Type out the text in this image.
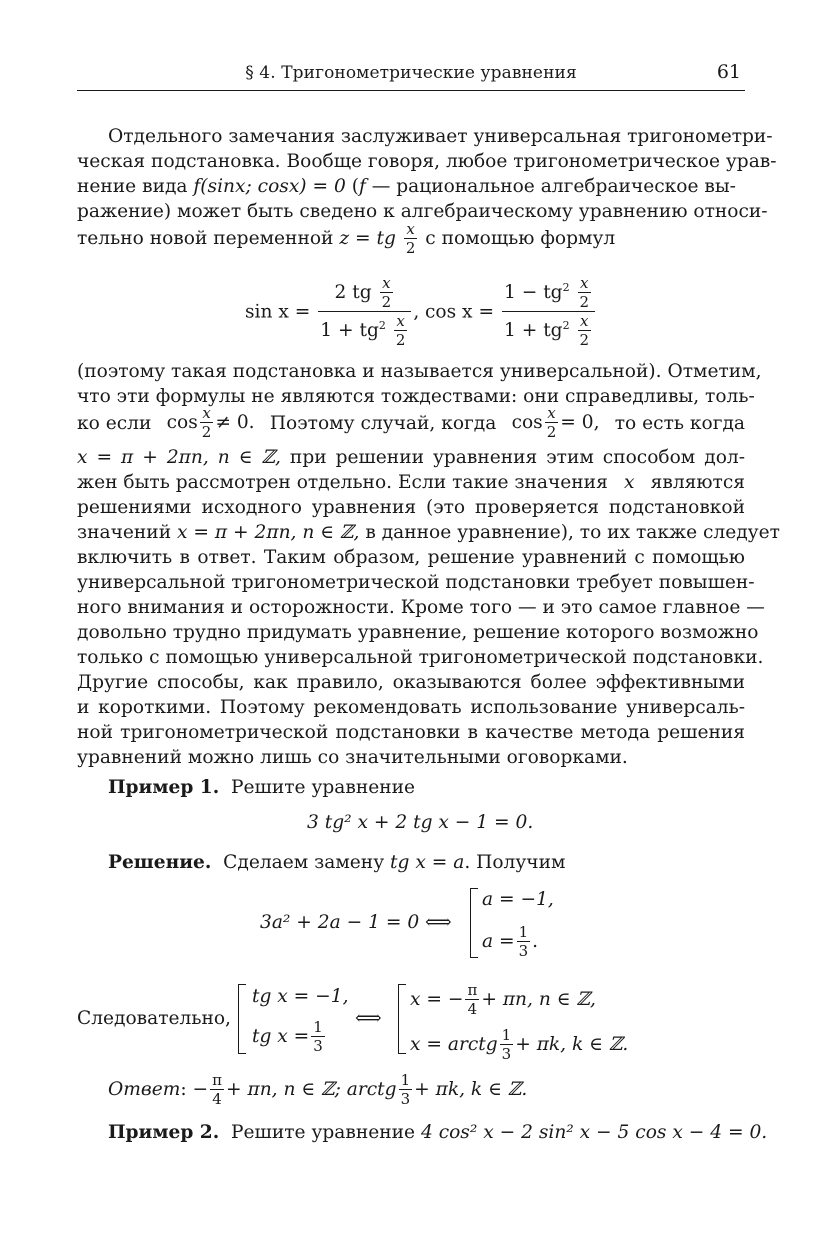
§ 4. Тригонометрические уравнения	61
Отдельного замечания заслуживает универсальная тригонометри-
ческая подстановка. Вообще говоря, любое тригонометрическое урав-
нение вида f(sinx; cosx) = 0 (f — рациональное алгебраическое вы-
ражение) может быть сведено к алгебраическому уравнению относи-
тельно новой переменной z = tg $\frac{x}{2}$ с помощью формул
$\sin x = \frac{2 tg \frac{x}{2}}{1 + tg^2 \frac{x}{2}}$ , $\cos x = \frac{1 - tg^2 \frac{x}{2}}{1 + tg^2 \frac{x}{2}}$
(поэтому такая подстановка и называется универсальной). Отметим,
что эти формулы не являются тождествами: они справедливы, толь-
ко если $\cos \frac{x}{2} \ne 0$. Поэтому случай, когда $\cos \frac{x}{2} = 0$, то есть когда
x = π + 2πn, n ∈ ℤ, при решении уравнения этим способом дол-
жен быть рассмотрен отдельно. Если такие значения x являются
решениями исходного уравнения (это проверяется подстановкой
значений x = π + 2πn, n ∈ ℤ, в данное уравнение), то их также следует
включить в ответ. Таким образом, решение уравнений с помощью
универсальной тригонометрической подстановки требует повышен-
ного внимания и осторожности. Кроме того — и это самое главное —
довольно трудно придумать уравнение, решение которого возможно
только с помощью универсальной тригонометрической подстановки.
Другие способы, как правило, оказываются более эффективными
и короткими. Поэтому рекомендовать использование универсаль-
ной тригонометрической подстановки в качестве метода решения
уравнений можно лишь со значительными оговорками.
Пример 1. Решите уравнение
3 tg² x + 2 tg x − 1 = 0.
Решение. Сделаем замену tg x = a. Получим
3a² + 2a − 1 = 0 ⟺
a = −1,
$a = \frac{1}{3}$ .
Следовательно,
tg x = −1,
tg $x = \frac{1}{3}$
⟺
x = − $\frac{\pi}{4} + \pi n$, n ∈ ℤ,
x = arctg $\frac{1}{3} + \pi k$, k ∈ ℤ.
Ответ: − $\frac{\pi}{4} + \pi n$, n ∈ ℤ; arctg $\frac{1}{3} + \pi k$, k ∈ ℤ.
Пример 2. Решите уравнение 4 cos² x − 2 sin² x − 5 cos x − 4 = 0.
